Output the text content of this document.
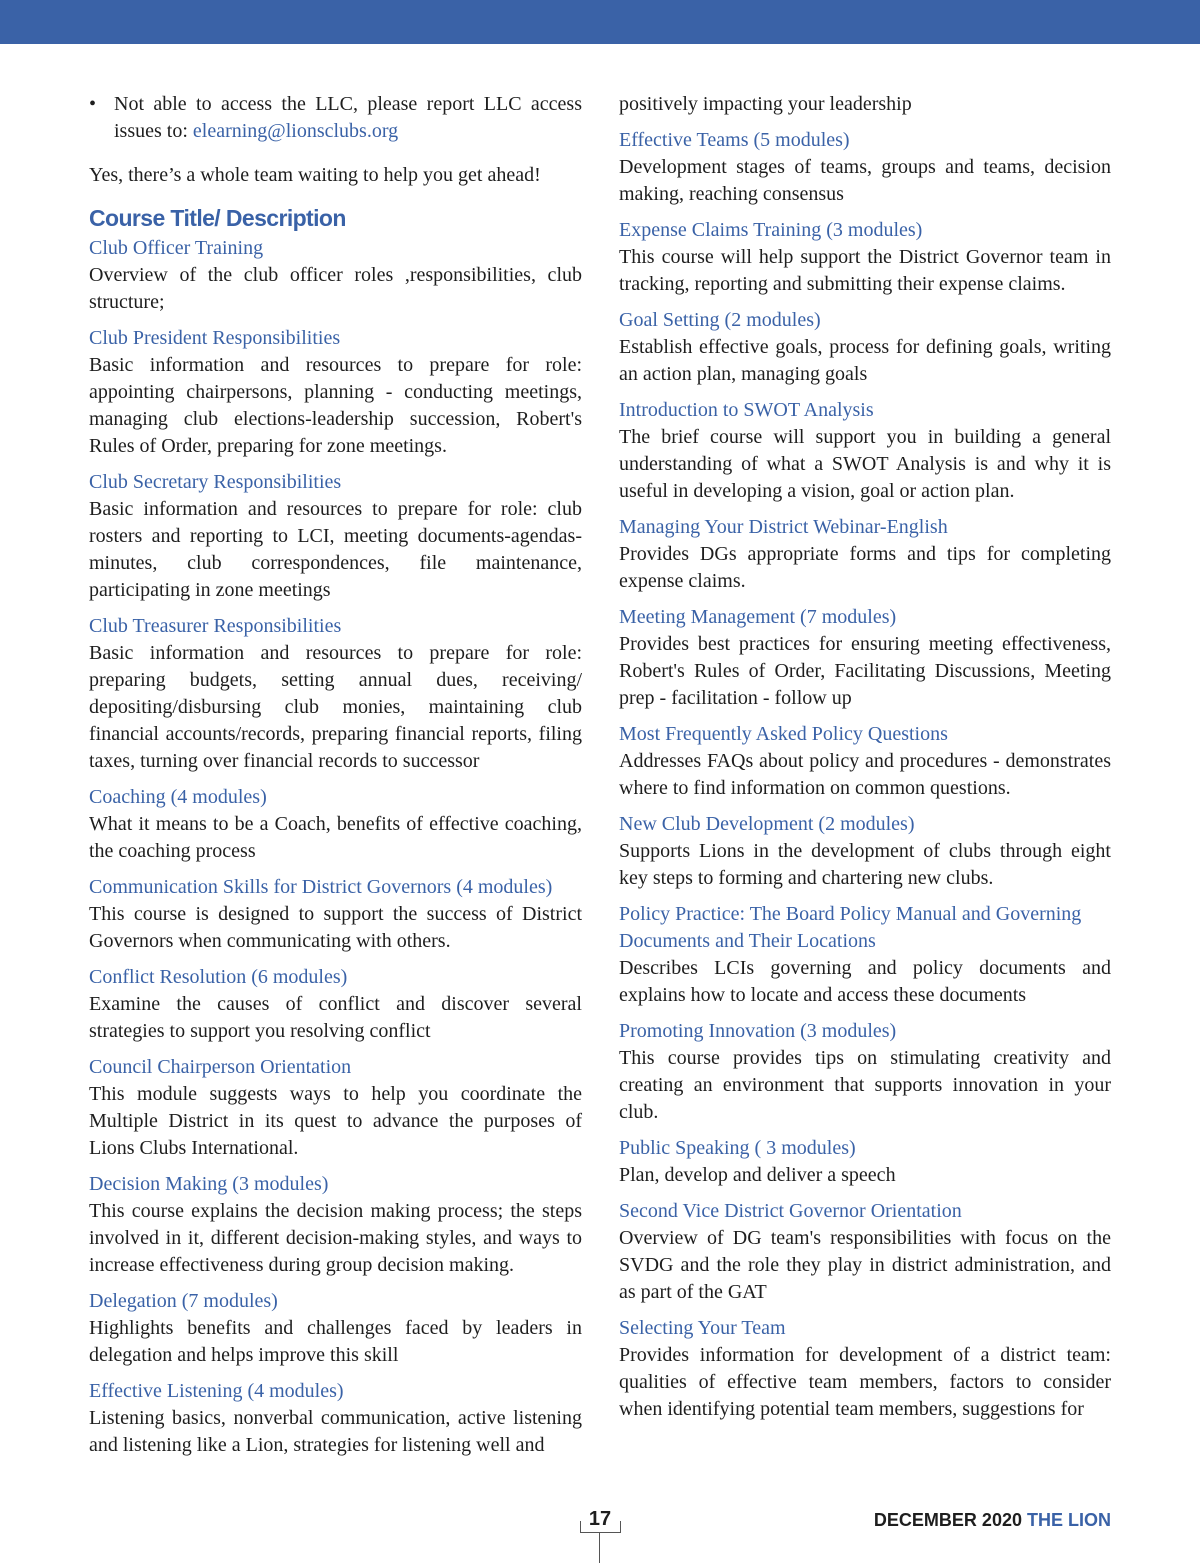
• Not able to access the LLC, please report LLC access issues to: elearning@lionsclubs.org

Yes, there’s a whole team waiting to help you get ahead!

Course Title/ Description
Club Officer Training
Overview of the club officer roles ,responsibilities, club structure;
Club President Responsibilities
Basic information and resources to prepare for role: appointing chairpersons, planning - conducting meetings, managing club elections-leadership succession, Robert's Rules of Order, preparing for zone meetings.
Club Secretary Responsibilities
Basic information and resources to prepare for role: club rosters and reporting to LCI, meeting documents-agendas-minutes, club correspondences, file maintenance, participating in zone meetings
Club Treasurer Responsibilities
Basic information and resources to prepare for role: preparing budgets, setting annual dues, receiving/ depositing/disbursing club monies, maintaining club financial accounts/records, preparing financial reports, filing taxes, turning over financial records to successor
Coaching (4 modules)
What it means to be a Coach, benefits of effective coaching, the coaching process
Communication Skills for District Governors (4 modules)
This course is designed to support the success of District Governors when communicating with others.
Conflict Resolution (6 modules)
Examine the causes of conflict and discover several strategies to support you resolving conflict
Council Chairperson Orientation
This module suggests ways to help you coordinate the Multiple District in its quest to advance the purposes of Lions Clubs International.
Decision Making (3 modules)
This course explains the decision making process; the steps involved in it, different decision-making styles, and ways to increase effectiveness during group decision making.
Delegation (7 modules)
Highlights benefits and challenges faced by leaders in delegation and helps improve this skill
Effective Listening (4 modules)
Listening basics, nonverbal communication, active listening and listening like a Lion, strategies for listening well and
positively impacting your leadership
Effective Teams (5 modules)
Development stages of teams, groups and teams, decision making, reaching consensus
Expense Claims Training (3 modules)
This course will help support the District Governor team in tracking, reporting and submitting their expense claims.
Goal Setting (2 modules)
Establish effective goals, process for defining goals, writing an action plan, managing goals
Introduction to SWOT Analysis
The brief course will support you in building a general understanding of what a SWOT Analysis is and why it is useful in developing a vision, goal or action plan.
Managing Your District Webinar-English
Provides DGs appropriate forms and tips for completing expense claims.
Meeting Management (7 modules)
Provides best practices for ensuring meeting effectiveness, Robert's Rules of Order, Facilitating Discussions, Meeting prep - facilitation - follow up
Most Frequently Asked Policy Questions
Addresses FAQs about policy and procedures - demonstrates where to find information on common questions.
New Club Development (2 modules)
Supports Lions in the development of clubs through eight key steps to forming and chartering new clubs.
Policy Practice: The Board Policy Manual and Governing Documents and Their Locations
Describes LCIs governing and policy documents and explains how to locate and access these documents
Promoting Innovation (3 modules)
This course provides tips on stimulating creativity and creating an environment that supports innovation in your club.
Public Speaking ( 3 modules)
Plan, develop and deliver a speech
Second Vice District Governor Orientation
Overview of DG team's responsibilities with focus on the SVDG and the role they play in district administration, and as part of the GAT
Selecting Your Team
Provides information for development of a district team: qualities of effective team members, factors to consider when identifying potential team members, suggestions for
17	DECEMBER 2020 THE LION
